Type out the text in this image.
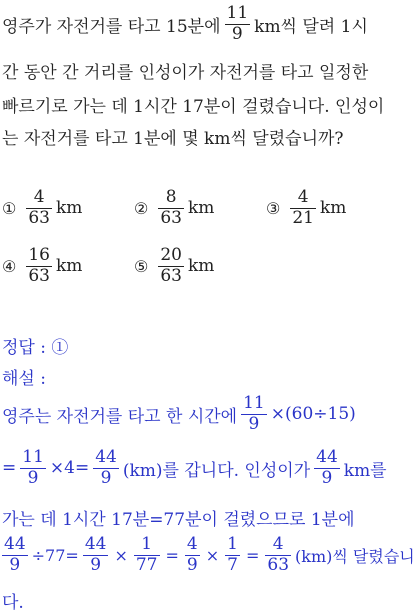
영주가 자전거를 타고 15분에 $\frac{11}{9}$ km씩 달려 1시
간 동안 간 거리를 인성이가 자전거를 타고 일정한
빠르기로 가는 데 1시간 17분이 걸렸습니다. 인성이
는 자전거를 타고 1분에 몇 km씩 달렸습니까?
① $\frac{4}{63}$ km	② $\frac{8}{63}$ km	③ $\frac{4}{21}$ km
④ $\frac{16}{63}$ km	⑤ $\frac{20}{63}$ km
정답 : ①
해설 :
영주는 자전거를 타고 한 시간에 $\frac{11}{9} \times(60\div 15)$
= $\frac{11}{9} \times 4= \frac{44}{9} (km)$를 갑니다. 인성이가 $\frac{44}{9}$ km를
가는 데 1시간 17분=77분이 걸렸으므로 1분에
$\frac{44}{9} \div 77= \frac{44}{9} \times \frac{1}{77} = \frac{4}{9} \times \frac{1}{7} = \frac{4}{63} (km)$씩 달렸습니
다.
